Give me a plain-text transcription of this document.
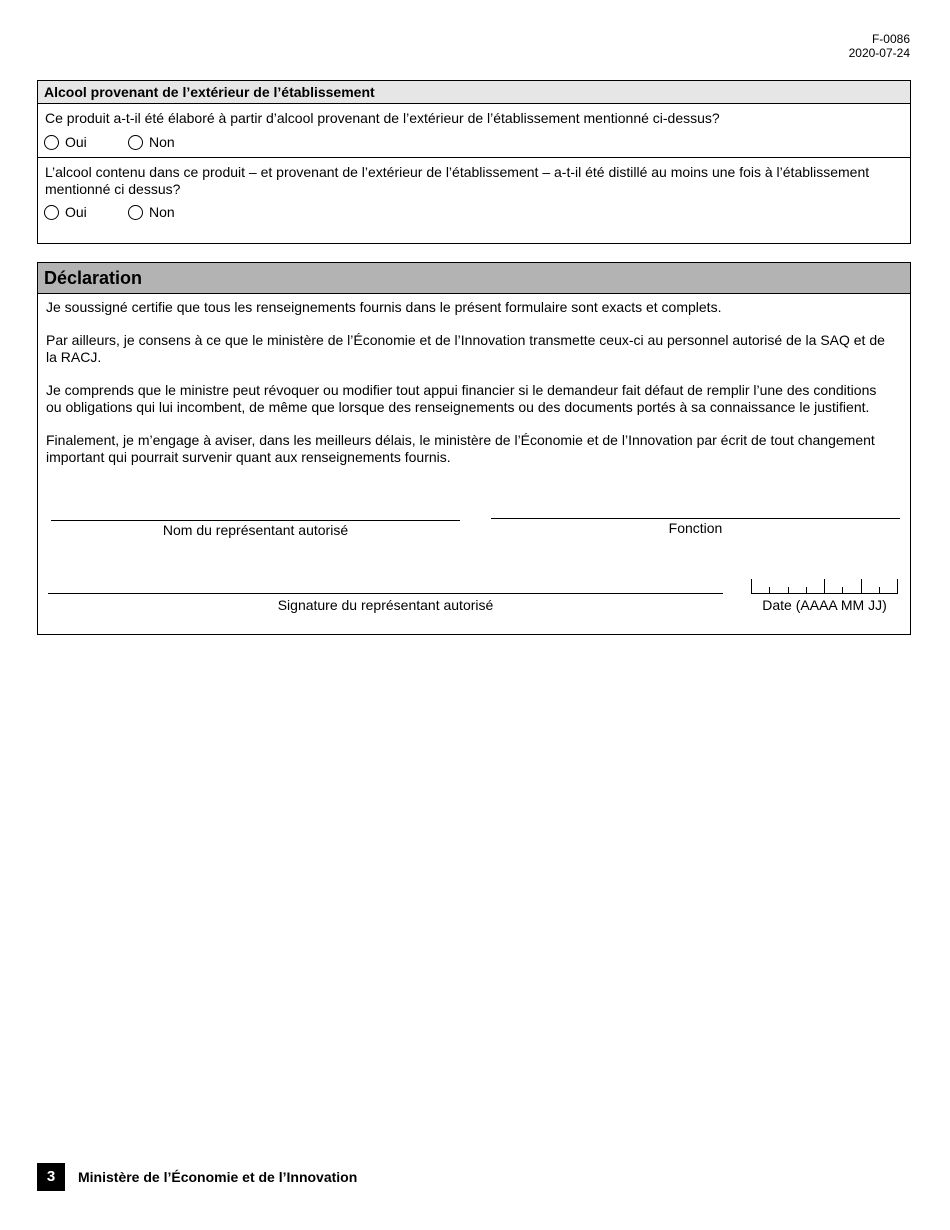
F-0086
2020-07-24
Alcool provenant de l’extérieur de l’établissement
Ce produit a-t-il été élaboré à partir d’alcool provenant de l’extérieur de l’établissement mentionné ci-dessus?
Oui	Non
L’alcool contenu dans ce produit – et provenant de l’extérieur de l’établissement – a-t-il été distillé au moins une fois à l’établissement mentionné ci dessus?
Oui	Non
Déclaration

Je soussigné certifie que tous les renseignements fournis dans le présent formulaire sont exacts et complets.

Par ailleurs, je consens à ce que le ministère de l’Économie et de l’Innovation transmette ceux-ci au personnel autorisé de la SAQ et de la RACJ.

Je comprends que le ministre peut révoquer ou modifier tout appui financier si le demandeur fait défaut de remplir l’une des conditions ou obligations qui lui incombent, de même que lorsque des renseignements ou des documents portés à sa connaissance le justifient.

Finalement, je m’engage à aviser, dans les meilleurs délais, le ministère de l’Économie et de l’Innovation par écrit de tout changement important qui pourrait survenir quant aux renseignements fournis.

Nom du représentant autorisé	Fonction
Signature du représentant autorisé	Date (AAAA MM JJ)
3	Ministère de l’Économie et de l’Innovation
